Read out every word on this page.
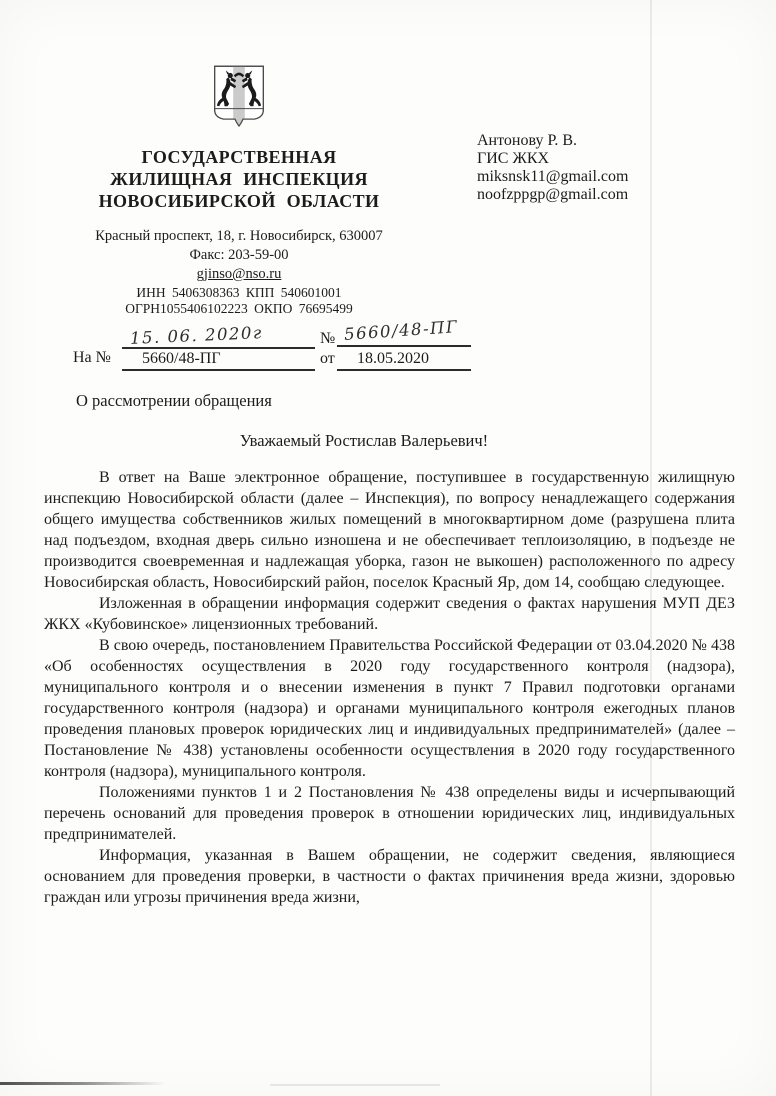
ГОСУДАРСТВЕННАЯ
ЖИЛИЩНАЯ ИНСПЕКЦИЯ
НОВОСИБИРСКОЙ ОБЛАСТИ
Красный проспект, 18, г. Новосибирск, 630007
Факс: 203-59-00
gjinso@nso.ru
ИНН 5406308363 КПП 540601001
ОГРН1055406102223 ОКПО 76695499
Антонову Р. В.
ГИС ЖКХ
miksnsk11@gmail.com
noofzppgp@gmail.com
15. 06. 2020г	№ 5660/48-ПГ
На № 5660/48-ПГ	от 18.05.2020
О рассмотрении обращения
Уважаемый Ростислав Валерьевич!

В ответ на Ваше электронное обращение, поступившее в государственную жилищную инспекцию Новосибирской области (далее – Инспекция), по вопросу ненадлежащего содержания общего имущества собственников жилых помещений в многоквартирном доме (разрушена плита над подъездом, входная дверь сильно изношена и не обеспечивает теплоизоляцию, в подъезде не производится своевременная и надлежащая уборка, газон не выкошен) расположенного по адресу Новосибирская область, Новосибирский район, поселок Красный Яр, дом 14, сообщаю следующее.

Изложенная в обращении информация содержит сведения о фактах нарушения МУП ДЕЗ ЖКХ «Кубовинское» лицензионных требований.

В свою очередь, постановлением Правительства Российской Федерации от 03.04.2020 № 438 «Об особенностях осуществления в 2020 году государственного контроля (надзора), муниципального контроля и о внесении изменения в пункт 7 Правил подготовки органами государственного контроля (надзора) и органами муниципального контроля ежегодных планов проведения плановых проверок юридических лиц и индивидуальных предпринимателей» (далее – Постановление № 438) установлены особенности осуществления в 2020 году государственного контроля (надзора), муниципального контроля.

Положениями пунктов 1 и 2 Постановления № 438 определены виды и исчерпывающий перечень оснований для проведения проверок в отношении юридических лиц, индивидуальных предпринимателей.

Информация, указанная в Вашем обращении, не содержит сведения, являющиеся основанием для проведения проверки, в частности о фактах причинения вреда жизни, здоровью граждан или угрозы причинения вреда жизни,
